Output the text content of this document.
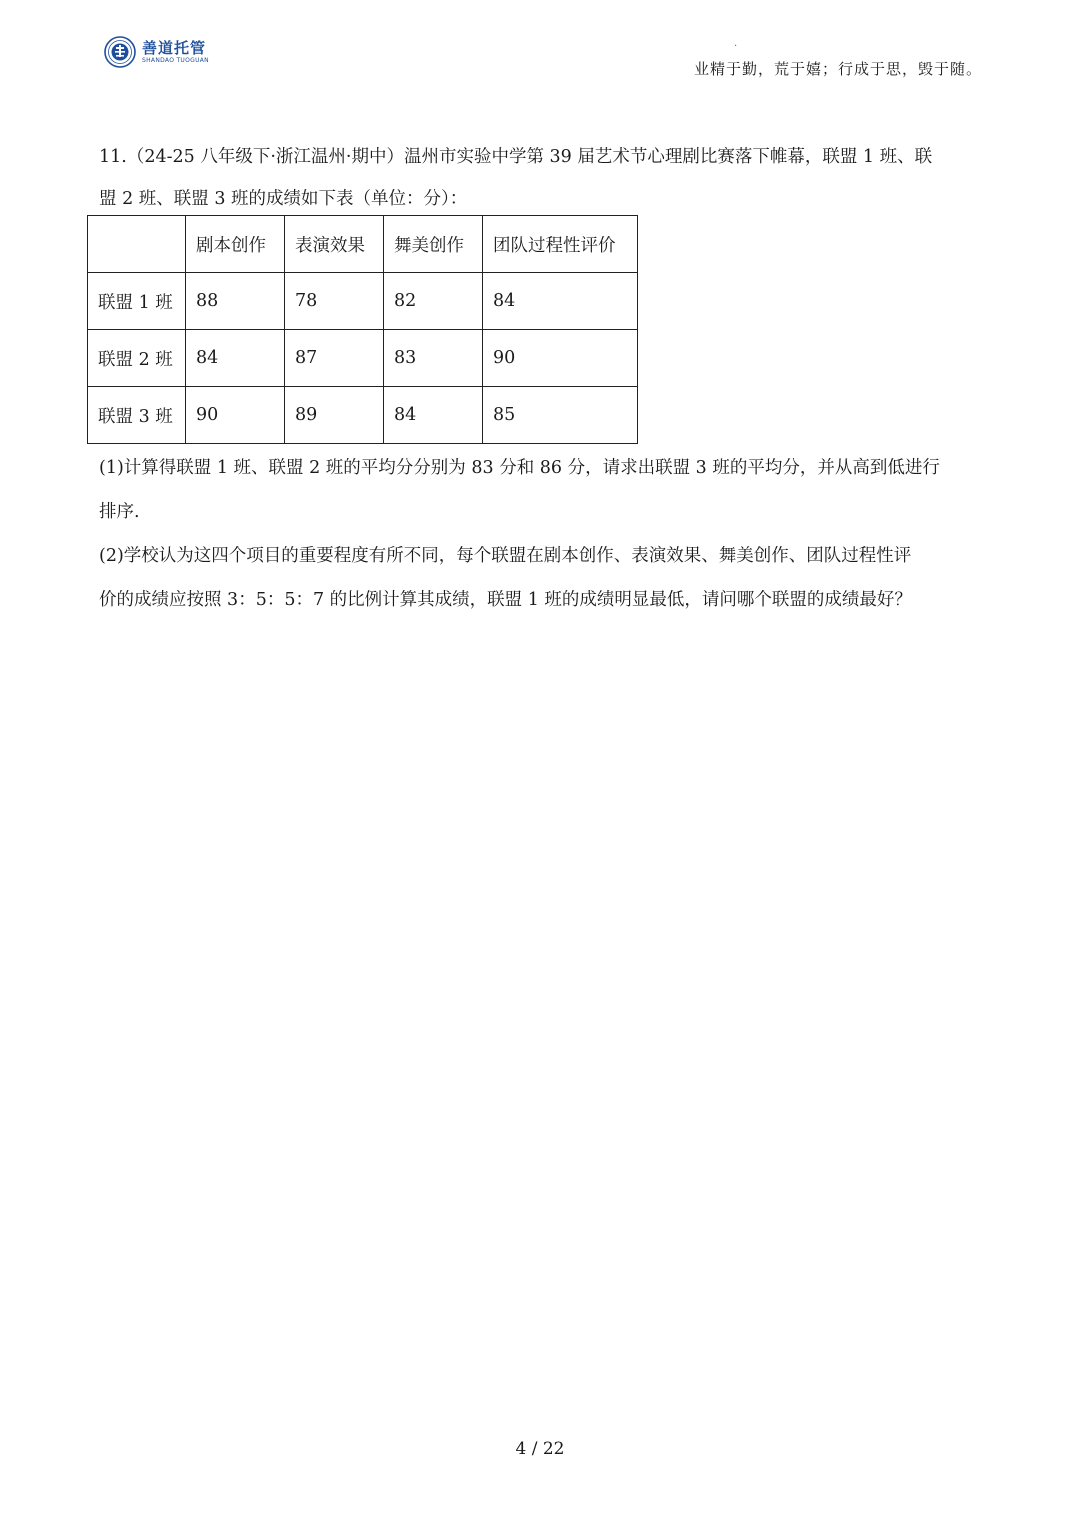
善道托管
SHANDAO TUOGUAN
.
业精于勤，荒于嬉；行成于思，毁于随。
11.（24-25 八年级下·浙江温州·期中）温州市实验中学第 39 届艺术节心理剧比赛落下帷幕，联盟 1 班、联
盟 2 班、联盟 3 班的成绩如下表（单位：分）：
	剧本创作	表演效果	舞美创作	团队过程性评价
联盟 1 班	88	78	82	84
联盟 2 班	84	87	83	90
联盟 3 班	90	89	84	85
(1)计算得联盟 1 班、联盟 2 班的平均分分别为 83 分和 86 分，请求出联盟 3 班的平均分，并从高到低进行
排序.
(2)学校认为这四个项目的重要程度有所不同，每个联盟在剧本创作、表演效果、舞美创作、团队过程性评
价的成绩应按照 3：5：5：7 的比例计算其成绩，联盟 1 班的成绩明显最低，请问哪个联盟的成绩最好？
4 / 22
